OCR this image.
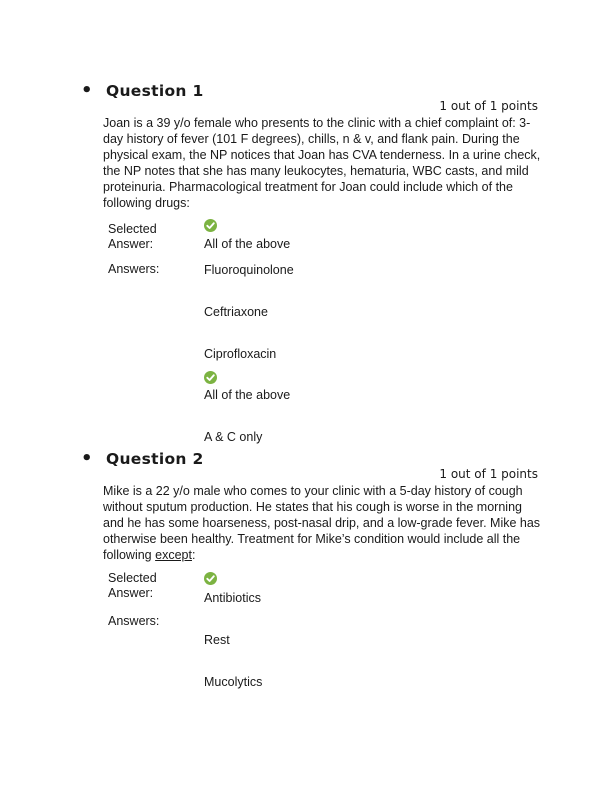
• Question 1
1 out of 1 points
Joan is a 39 y/o female who presents to the clinic with a chief complaint of: 3-day history of fever (101 F degrees), chills, n & v, and flank pain. During the physical exam, the NP notices that Joan has CVA tenderness. In a urine check, the NP notes that she has many leukocytes, hematuria, WBC casts, and mild proteinuria. Pharmacological treatment for Joan could include which of the following drugs:
Selected
Answer:	All of the above
Answers:	Fluoroquinolone
Ceftriaxone
Ciprofloxacin
All of the above
A & C only
• Question 2
1 out of 1 points
Mike is a 22 y/o male who comes to your clinic with a 5-day history of cough without sputum production. He states that his cough is worse in the morning and he has some hoarseness, post-nasal drip, and a low-grade fever. Mike has otherwise been healthy. Treatment for Mike’s condition would include all the following except:
Selected
Answer:	Antibiotics
Answers:
Rest
Mucolytics
